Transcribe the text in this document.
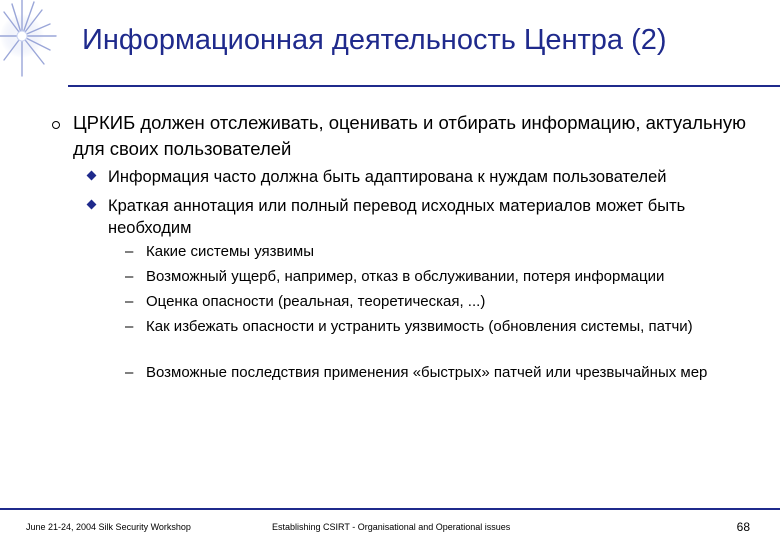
Информационная деятельность Центра (2)
ЦРКИБ должен отслеживать, оценивать и отбирать информацию, актуальную для своих пользователей
Информация часто должна быть адаптирована к нуждам пользователей
Краткая аннотация или полный перевод исходных материалов может быть необходим
– Какие системы уязвимы
– Возможный ущерб, например, отказ в обслуживании, потеря информации
– Оценка опасности (реальная, теоретическая, ...)
– Как избежать опасности и устранить уязвимость (обновления системы, патчи)
– Возможные последствия применения «быстрых» патчей или чрезвычайных мер
June 21-24, 2004 Silk Security Workshop	Establishing CSIRT - Organisational and Operational issues	68
